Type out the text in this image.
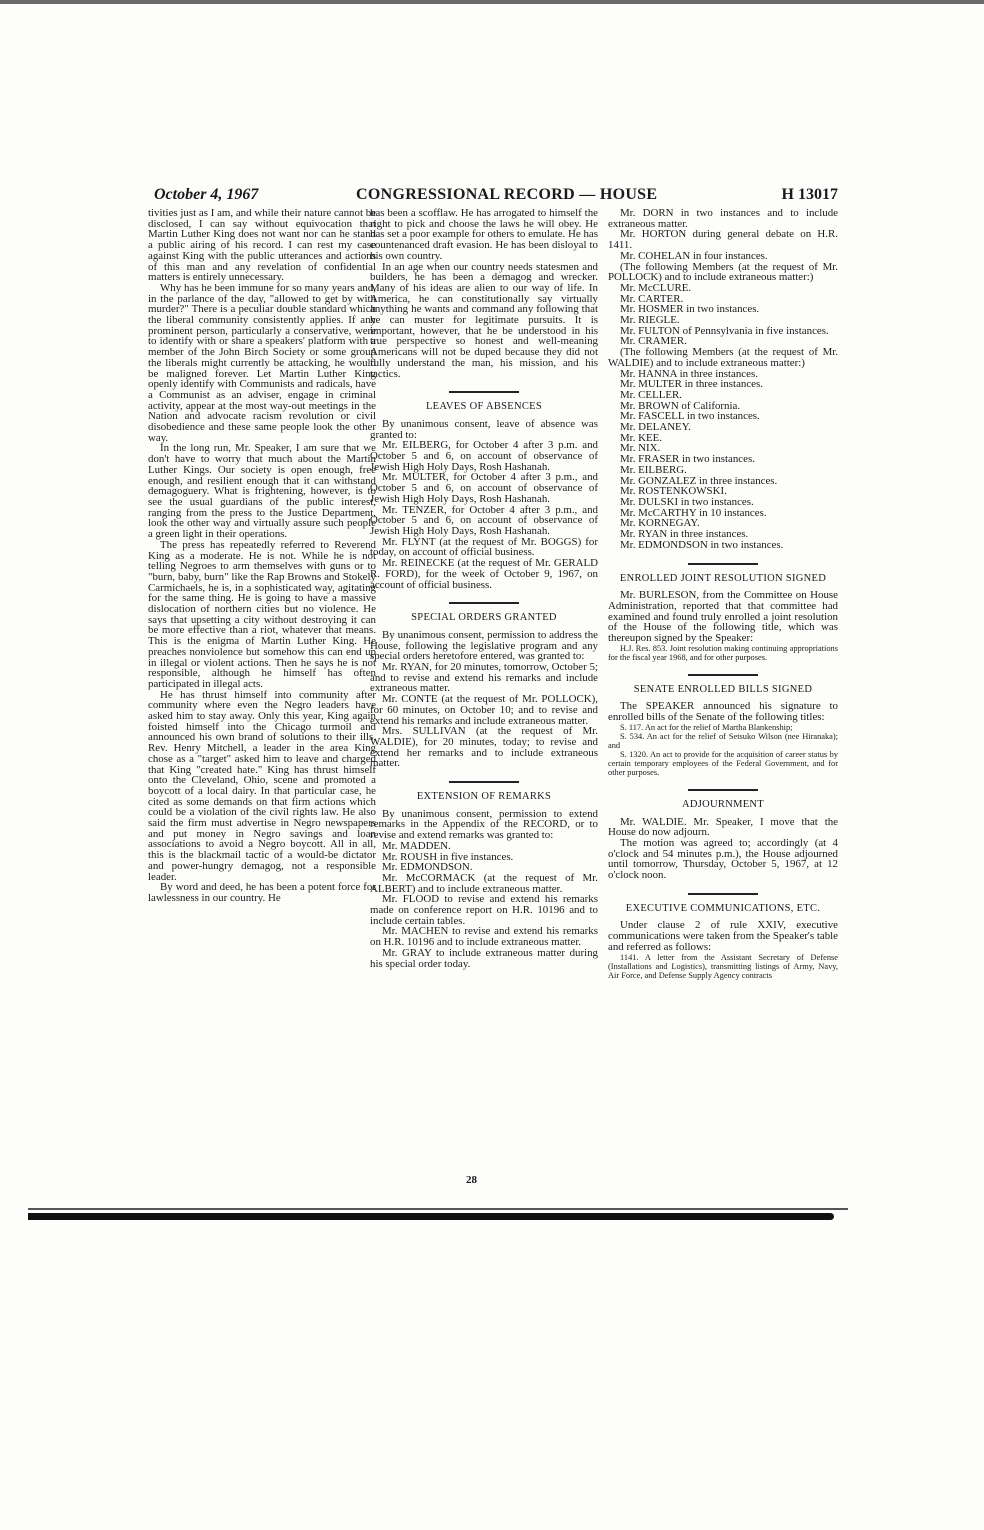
October 4, 1967	CONGRESSIONAL RECORD — HOUSE	H 13017

tivities just as I am, and while their nature cannot be disclosed, I can say without equivocation that Martin Luther King does not want nor can he stand a public airing of his record. I can rest my case against King with the public utterances and actions of this man and any revelation of confidential matters is entirely unnecessary.

Why has he been immune for so many years and, in the parlance of the day, "allowed to get by with murder?" There is a peculiar double standard which the liberal community consistently applies. If any prominent person, particularly a conservative, were to identify with or share a speakers' platform with a member of the John Birch Society or some group the liberals might currently be attacking, he would be maligned forever. Let Martin Luther King openly identify with Communists and radicals, have a Communist as an adviser, engage in criminal activity, appear at the most way-out meetings in the Nation and advocate racism revolution or civil disobedience and these same people look the other way.

In the long run, Mr. Speaker, I am sure that we don't have to worry that much about the Martin Luther Kings. Our society is open enough, free enough, and resilient enough that it can withstand demagoguery. What is frightening, however, is to see the usual guardians of the public interest, ranging from the press to the Justice Department, look the other way and virtually assure such people a green light in their operations.

The press has repeatedly referred to Reverend King as a moderate. He is not. While he is not telling Negroes to arm themselves with guns or to "burn, baby, burn" like the Rap Browns and Stokely Carmichaels, he is, in a sophisticated way, agitating for the same thing. He is going to have a massive dislocation of northern cities but no violence. He says that upsetting a city without destroying it can be more effective than a riot, whatever that means. This is the enigma of Martin Luther King. He preaches nonviolence but somehow this can end up in illegal or violent actions. Then he says he is not responsible, although he himself has often participated in illegal acts.

He has thrust himself into community after community where even the Negro leaders have asked him to stay away. Only this year, King again foisted himself into the Chicago turmoil and announced his own brand of solutions to their ills. Rev. Henry Mitchell, a leader in the area King chose as a "target" asked him to leave and charged that King "created hate." King has thrust himself onto the Cleveland, Ohio, scene and promoted a boycott of a local dairy. In that particular case, he cited as some demands on that firm actions which could be a violation of the civil rights law. He also said the firm must advertise in Negro newspapers and put money in Negro savings and loan associations to avoid a Negro boycott. All in all, this is the blackmail tactic of a would-be dictator and power-hungry demagog, not a responsible leader.

By word and deed, he has been a potent force for lawlessness in our country. He

has been a scofflaw. He has arrogated to himself the right to pick and choose the laws he will obey. He has set a poor example for others to emulate. He has countenanced draft evasion. He has been disloyal to his own country.

In an age when our country needs statesmen and builders, he has been a demagog and wrecker. Many of his ideas are alien to our way of life. In America, he can constitutionally say virtually anything he wants and command any following that he can muster for legitimate pursuits. It is important, however, that he be understood in his true perspective so honest and well-meaning Americans will not be duped because they did not fully understand the man, his mission, and his tactics.

LEAVES OF ABSENCES

By unanimous consent, leave of absence was granted to:

Mr. EILBERG, for October 4 after 3 p.m. and October 5 and 6, on account of observance of Jewish High Holy Days, Rosh Hashanah.

Mr. MULTER, for October 4 after 3 p.m., and October 5 and 6, on account of observance of Jewish High Holy Days, Rosh Hashanah.

Mr. TENZER, for October 4 after 3 p.m., and October 5 and 6, on account of observance of Jewish High Holy Days, Rosh Hashanah.

Mr. FLYNT (at the request of Mr. BOGGS) for today, on account of official business.

Mr. REINECKE (at the request of Mr. GERALD R. FORD), for the week of October 9, 1967, on account of official business.

SPECIAL ORDERS GRANTED

By unanimous consent, permission to address the House, following the legislative program and any special orders heretofore entered, was granted to:

Mr. RYAN, for 20 minutes, tomorrow, October 5; and to revise and extend his remarks and include extraneous matter.

Mr. CONTE (at the request of Mr. POLLOCK), for 60 minutes, on October 10; and to revise and extend his remarks and include extraneous matter.

Mrs. SULLIVAN (at the request of Mr. WALDIE), for 20 minutes, today; to revise and extend her remarks and to include extraneous matter.

EXTENSION OF REMARKS

By unanimous consent, permission to extend remarks in the Appendix of the RECORD, or to revise and extend remarks was granted to:

Mr. MADDEN.

Mr. ROUSH in five instances.

Mr. EDMONDSON.

Mr. McCORMACK (at the request of Mr. ALBERT) and to include extraneous matter.

Mr. FLOOD to revise and extend his remarks made on conference report on H.R. 10196 and to include certain tables.

Mr. MACHEN to revise and extend his remarks on H.R. 10196 and to include extraneous matter.

Mr. GRAY to include extraneous matter during his special order today.

Mr. DORN in two instances and to include extraneous matter.

Mr. HORTON during general debate on H.R. 1411.

Mr. COHELAN in four instances.

(The following Members (at the request of Mr. POLLOCK) and to include extraneous matter:)

Mr. McCLURE.

Mr. CARTER.

Mr. HOSMER in two instances.

Mr. RIEGLE.

Mr. FULTON of Pennsylvania in five instances.

Mr. CRAMER.

(The following Members (at the request of Mr. WALDIE) and to include extraneous matter:)

Mr. HANNA in three instances.

Mr. MULTER in three instances.

Mr. CELLER.

Mr. BROWN of California.

Mr. FASCELL in two instances.

Mr. DELANEY.

Mr. KEE.

Mr. NIX.

Mr. FRASER in two instances.

Mr. EILBERG.

Mr. GONZALEZ in three instances.

Mr. ROSTENKOWSKI.

Mr. DULSKI in two instances.

Mr. McCARTHY in 10 instances.

Mr. KORNEGAY.

Mr. RYAN in three instances.

Mr. EDMONDSON in two instances.

ENROLLED JOINT RESOLUTION SIGNED

Mr. BURLESON, from the Committee on House Administration, reported that that committee had examined and found truly enrolled a joint resolution of the House of the following title, which was thereupon signed by the Speaker:

H.J. Res. 853. Joint resolution making continuing appropriations for the fiscal year 1968, and for other purposes.

SENATE ENROLLED BILLS SIGNED

The SPEAKER announced his signature to enrolled bills of the Senate of the following titles:

S. 117. An act for the relief of Martha Blankenship;

S. 534. An act for the relief of Setsuko Wilson (nee Hiranaka); and

S. 1320. An act to provide for the acquisition of career status by certain temporary employees of the Federal Government, and for other purposes.

ADJOURNMENT

Mr. WALDIE. Mr. Speaker, I move that the House do now adjourn.

The motion was agreed to; accordingly (at 4 o'clock and 54 minutes p.m.), the House adjourned until tomorrow, Thursday, October 5, 1967, at 12 o'clock noon.

EXECUTIVE COMMUNICATIONS, ETC.

Under clause 2 of rule XXIV, executive communications were taken from the Speaker's table and referred as follows:

1141. A letter from the Assistant Secretary of Defense (Installations and Logistics), transmitting listings of Army, Navy, Air Force, and Defense Supply Agency contracts

28
